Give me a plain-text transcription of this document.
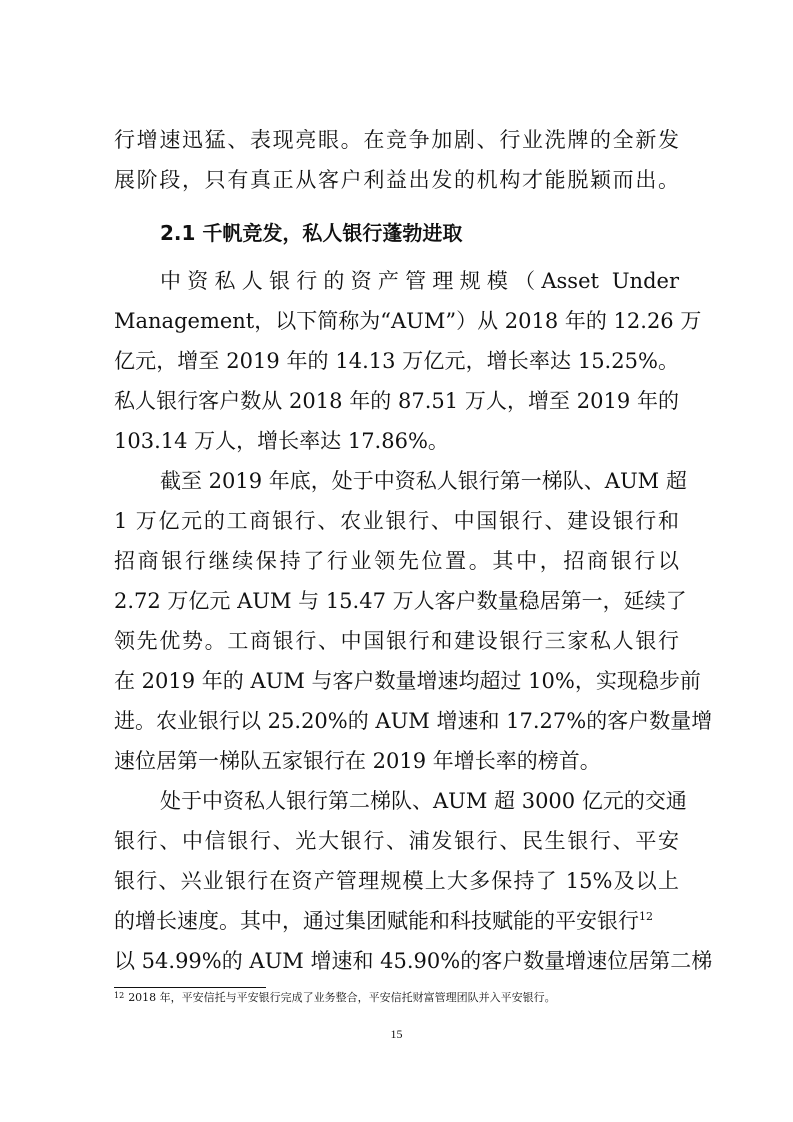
行增速迅猛、表现亮眼。在竞争加剧、行业洗牌的全新发
展阶段，只有真正从客户利益出发的机构才能脱颖而出。
2.1 千帆竞发，私人银行蓬勃进取
中资私人银行的资产管理规模（Asset Under
Management，以下简称为“AUM”）从 2018 年的 12.26 万
亿元，增至 2019 年的 14.13 万亿元，增长率达 15.25%。
私人银行客户数从 2018 年的 87.51 万人，增至 2019 年的
103.14 万人，增长率达 17.86%。
截至 2019 年底，处于中资私人银行第一梯队、AUM 超
1 万亿元的工商银行、农业银行、中国银行、建设银行和
招商银行继续保持了行业领先位置。其中，招商银行以
2.72 万亿元 AUM 与 15.47 万人客户数量稳居第一，延续了
领先优势。工商银行、中国银行和建设银行三家私人银行
在 2019 年的 AUM 与客户数量增速均超过 10%，实现稳步前
进。农业银行以 25.20%的 AUM 增速和 17.27%的客户数量增
速位居第一梯队五家银行在 2019 年增长率的榜首。
处于中资私人银行第二梯队、AUM 超 3000 亿元的交通
银行、中信银行、光大银行、浦发银行、民生银行、平安
银行、兴业银行在资产管理规模上大多保持了 15%及以上
的增长速度。其中，通过集团赋能和科技赋能的平安银行$^{12}$
以 54.99%的 AUM 增速和 45.90%的客户数量增速位居第二梯
$^{12}$ 2018 年，平安信托与平安银行完成了业务整合，平安信托财富管理团队并入平安银行。
15
